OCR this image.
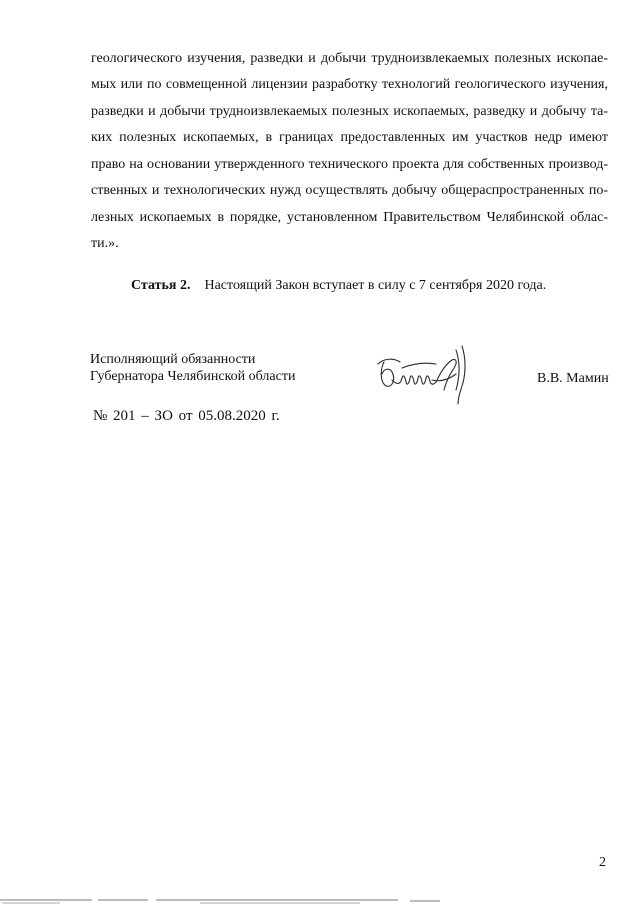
геологического изучения, разведки и добычи трудноизвлекаемых полезных ископае-
мых или по совмещенной лицензии разработку технологий геологического изучения,
разведки и добычи трудноизвлекаемых полезных ископаемых, разведку и добычу та-
ких полезных ископаемых, в границах предоставленных им участков недр имеют
право на основании утвержденного технического проекта для собственных производ-
ственных и технологических нужд осуществлять добычу общераспространенных по-
лезных ископаемых в порядке, установленном Правительством Челябинской облас-
ти.».
Статья 2. Настоящий Закон вступает в силу с 7 сентября 2020 года.
Исполняющий обязанности
Губернатора Челябинской области	В.В. Мамин
№ 201 – ЗО от 05.08.2020 г.
2
